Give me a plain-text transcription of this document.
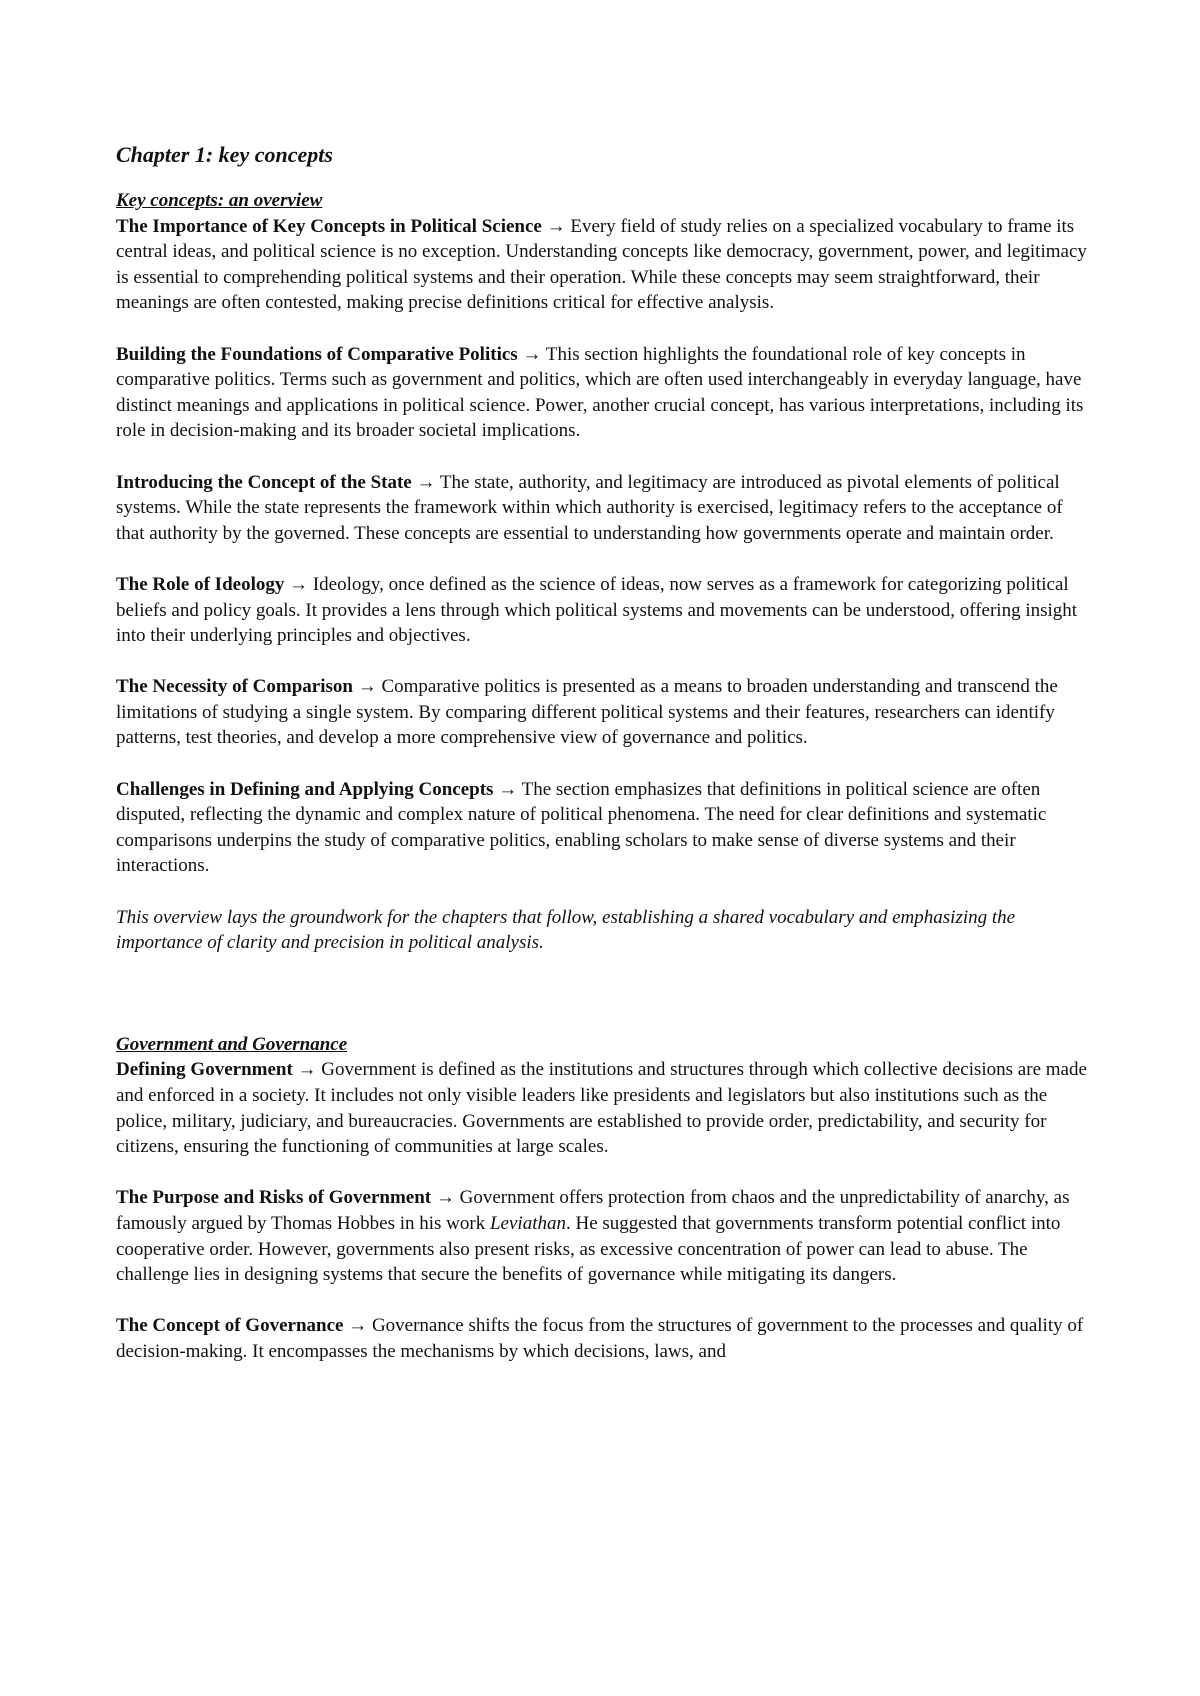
Chapter 1: key concepts
Key concepts: an overview

The Importance of Key Concepts in Political Science → Every field of study relies on a specialized vocabulary to frame its central ideas, and political science is no exception. Understanding concepts like democracy, government, power, and legitimacy is essential to comprehending political systems and their operation. While these concepts may seem straightforward, their meanings are often contested, making precise definitions critical for effective analysis.

Building the Foundations of Comparative Politics → This section highlights the foundational role of key concepts in comparative politics. Terms such as government and politics, which are often used interchangeably in everyday language, have distinct meanings and applications in political science. Power, another crucial concept, has various interpretations, including its role in decision-making and its broader societal implications.

Introducing the Concept of the State → The state, authority, and legitimacy are introduced as pivotal elements of political systems. While the state represents the framework within which authority is exercised, legitimacy refers to the acceptance of that authority by the governed. These concepts are essential to understanding how governments operate and maintain order.

The Role of Ideology → Ideology, once defined as the science of ideas, now serves as a framework for categorizing political beliefs and policy goals. It provides a lens through which political systems and movements can be understood, offering insight into their underlying principles and objectives.

The Necessity of Comparison → Comparative politics is presented as a means to broaden understanding and transcend the limitations of studying a single system. By comparing different political systems and their features, researchers can identify patterns, test theories, and develop a more comprehensive view of governance and politics.

Challenges in Defining and Applying Concepts → The section emphasizes that definitions in political science are often disputed, reflecting the dynamic and complex nature of political phenomena. The need for clear definitions and systematic comparisons underpins the study of comparative politics, enabling scholars to make sense of diverse systems and their interactions.

This overview lays the groundwork for the chapters that follow, establishing a shared vocabulary and emphasizing the importance of clarity and precision in political analysis.

Government and Governance

Defining Government → Government is defined as the institutions and structures through which collective decisions are made and enforced in a society. It includes not only visible leaders like presidents and legislators but also institutions such as the police, military, judiciary, and bureaucracies. Governments are established to provide order, predictability, and security for citizens, ensuring the functioning of communities at large scales.

The Purpose and Risks of Government → Government offers protection from chaos and the unpredictability of anarchy, as famously argued by Thomas Hobbes in his work Leviathan. He suggested that governments transform potential conflict into cooperative order. However, governments also present risks, as excessive concentration of power can lead to abuse. The challenge lies in designing systems that secure the benefits of governance while mitigating its dangers.

The Concept of Governance → Governance shifts the focus from the structures of government to the processes and quality of decision-making. It encompasses the mechanisms by which decisions, laws, and
